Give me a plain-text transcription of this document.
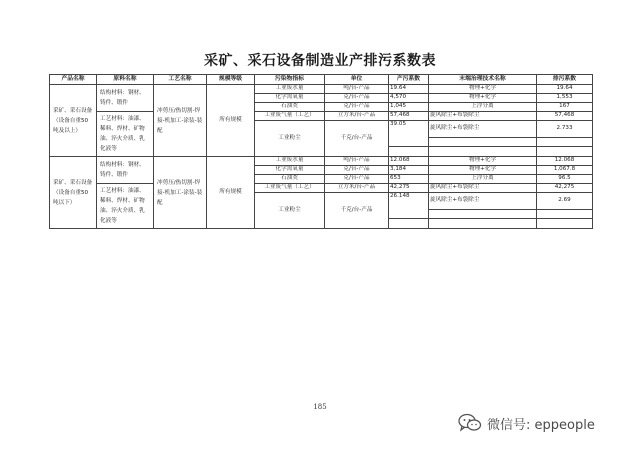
采矿、采石设备制造业产排污系数表
产品名称	原料名称	工艺名称	规模等级	污染物指标	单位	产污系数	末端治理技术名称	排污系数
采矿、采石设备（设备自重50 吨及以上）	结构材料：钢材、铸件、锻件	冲剪压/热切割-焊接-机加工-涂装-装配	所有规模	工业废水量	吨/台-产品	19.64	物理+化学	19.64
				化学需氧量	克/台-产品	4,570	物理+化学	1,553
				石油类	克/台-产品	1,045	上浮分离	167
	工艺材料：油漆、稀料、焊材、矿物油、淬火介质、乳化液等			工业废气量（工艺）	立方米/台-产品	57,468	旋风除尘+布袋除尘	57,468
				工业粉尘	千克/台-产品	39.05	旋风除尘+布袋除尘	2.733

采矿、采石设备（设备自重50吨以下）	结构材料：钢材、铸件、锻件	冲剪压/热切割-焊接-机加工-涂装-装配	所有规模	工业废水量	吨/台-产品	12.068	物理+化学	12.068
				化学需氧量	克/台-产品	3,184	物理+化学	1,067.8
				石油类	克/台-产品	653	上浮分离	96.5
	工艺材料：油漆、稀料、焊材、矿物油、淬火介质、乳化液等			工业废气量（工艺）	立方米/台-产品	42,275	旋风除尘+布袋除尘	42,275
				工业粉尘	千克/台-产品	26.148	旋风除尘+布袋除尘	2.69

185
微信号: eppeople
